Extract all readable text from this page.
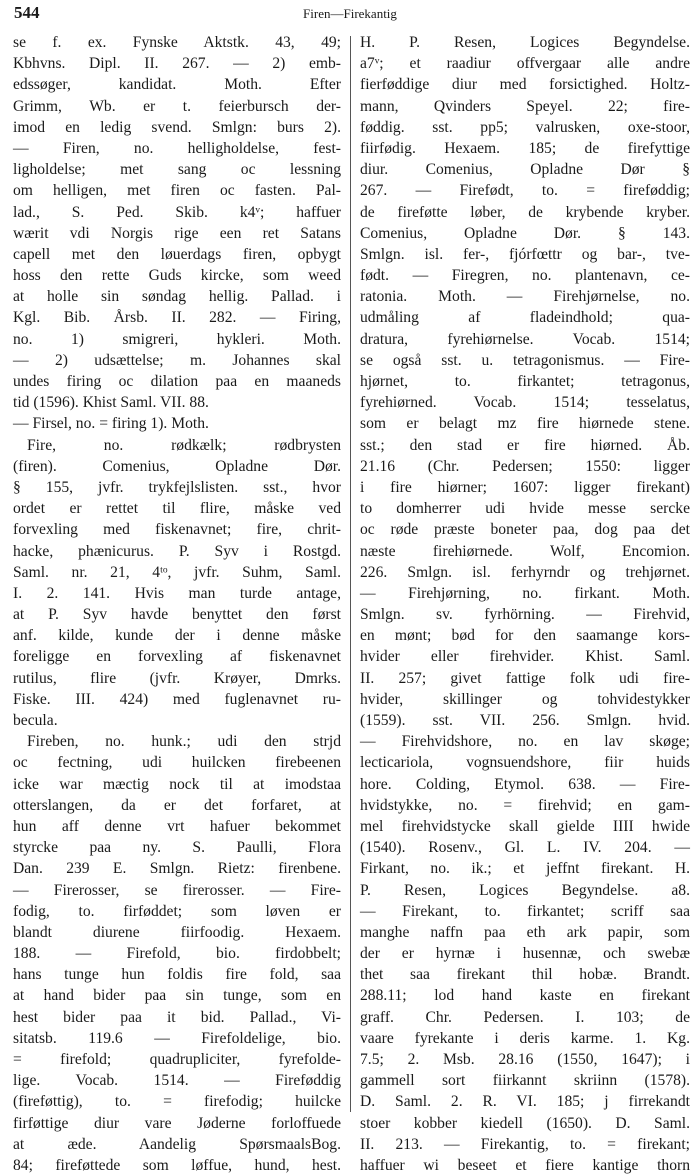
544	Firen—Firekantig
se f. ex. Fynske Aktstk. 43, 49;
Kbhvns. Dipl. II. 267. — 2) emb-
edssøger, kandidat. Moth. Efter
Grimm, Wb. er t. feierbursch der-
imod en ledig svend. Smlgn: burs 2).
— Firen, no. helligholdelse, fest-
ligholdelse; met sang oc lessning
om helligen, met firen oc fasten. Pal-
lad., S. Ped. Skib. k4ᵛ; haffuer
wærit vdi Norgis rige een ret Satans
capell met den løuerdags firen, opbygt
hoss den rette Guds kircke, som weed
at holle sin søndag hellig. Pallad. i
Kgl. Bib. Årsb. II. 282. — Firing,
no. 1) smigreri, hykleri. Moth.
— 2) udsættelse; m. Johannes skal
undes firing oc dilation paa en maaneds
tid (1596). Khist Saml. VII. 88.
— Firsel, no. = firing 1). Moth.
Fire, no. rødkælk; rødbrysten
(firen). Comenius, Opladne Dør.
§ 155, jvfr. trykfejlslisten. sst., hvor
ordet er rettet til flire, måske ved
forvexling med fiskenavnet; fire, chrit-
hacke, phænicurus. P. Syv i Rostgd.
Saml. nr. 21, 4ᵗᵒ, jvfr. Suhm, Saml.
I. 2. 141. Hvis man turde antage,
at P. Syv havde benyttet den først
anf. kilde, kunde der i denne måske
foreligge en forvexling af fiskenavnet
rutilus, flire (jvfr. Krøyer, Dmrks.
Fiske. III. 424) med fuglenavnet ru-
becula.
Fireben, no. hunk.; udi den strjd
oc fectning, udi huilcken firebeenen
icke war mæctig nock til at imodstaa
otterslangen, da er det forfaret, at
hun aff denne vrt hafuer bekommet
styrcke paa ny. S. Paulli, Flora
Dan. 239 E. Smlgn. Rietz: firenbene.
— Firerosser, se firerosser. — Fire-
fodig, to. firføddet; som løven er
blandt diurene fiirfoodig. Hexaem.
188. — Firefold, bio. firdobbelt;
hans tunge hun foldis fire fold, saa
at hand bider paa sin tunge, som en
hest bider paa it bid. Pallad., Vi-
sitatsb. 119.6 — Firefoldelige, bio.
= firefold; quadrupliciter, fyrefolde-
lige. Vocab. 1514. — Fireføddig
(fireføttig), to. = firefodig; huilcke
firføttige diur vare Jøderne forloffuede
at æde. Aandelig SpørsmaalsBog.
84; fireføttede som løffue, hund, hest.
H. P. Resen, Logices Begyndelse.
a7ᵛ; et raadiur offvergaar alle andre
fierføddige diur med forsictighed. Holtz-
mann, Qvinders Speyel. 22; fire-
føddig. sst. pp5; valrusken, oxe-stoor,
fiirfødig. Hexaem. 185; de firefyttige
diur. Comenius, Opladne Dør §
267. — Firefødt, to. = fireføddig;
de fireføtte løber, de krybende kryber.
Comenius, Opladne Dør. § 143.
Smlgn. isl. fer-, fjórfœttr og bar-, tve-
født. — Firegren, no. plantenavn, ce-
ratonia. Moth. — Firehjørnelse, no.
udmåling af fladeindhold; qua-
dratura, fyrehiørnelse. Vocab. 1514;
se også sst. u. tetragonismus. — Fire-
hjørnet, to. firkantet; tetragonus,
fyrehiørned. Vocab. 1514; tesselatus,
som er belagt mz fire hiørnede stene.
sst.; den stad er fire hiørned. Åb.
21.16 (Chr. Pedersen; 1550: ligger
i fire hiørner; 1607: ligger firekant)
to domherrer udi hvide messe sercke
oc røde præste boneter paa, dog paa det
næste firehiørnede. Wolf, Encomion.
226. Smlgn. isl. ferhyrndr og trehjørnet.
— Firehjørning, no. firkant. Moth.
Smlgn. sv. fyrhörning. — Firehvid,
en mønt; bød for den saamange kors-
hvider eller firehvider. Khist. Saml.
II. 257; givet fattige folk udi fire-
hvider, skillinger og tohvidestykker
(1559). sst. VII. 256. Smlgn. hvid.
— Firehvidshore, no. en lav skøge;
lecticariola, vognsuendshore, fiir huids
hore. Colding, Etymol. 638. — Fire-
hvidstykke, no. = firehvid; en gam-
mel firehvidstycke skall gielde IIII hwide
(1540). Rosenv., Gl. L. IV. 204. —
Firkant, no. ik.; et jeffnt firekant. H.
P. Resen, Logices Begyndelse. a8.
— Firekant, to. firkantet; scriff saa
manghe naffn paa eth ark papir, som
der er hyrnæ i husennæ, och swebæ
thet saa firekant thil hobæ. Brandt.
288.11; lod hand kaste en firekant
graff. Chr. Pedersen. I. 103; de
vaare fyrekante i deris karme. 1. Kg.
7.5; 2. Msb. 28.16 (1550, 1647); i
gammell sort fiirkannt skriinn (1578).
D. Saml. 2. R. VI. 185; j firrekandt
stoer kobber kiedell (1650). D. Saml.
II. 213. — Firekantig, to. = firekant;
haffuer wi beseet et fiere kantige thorn
